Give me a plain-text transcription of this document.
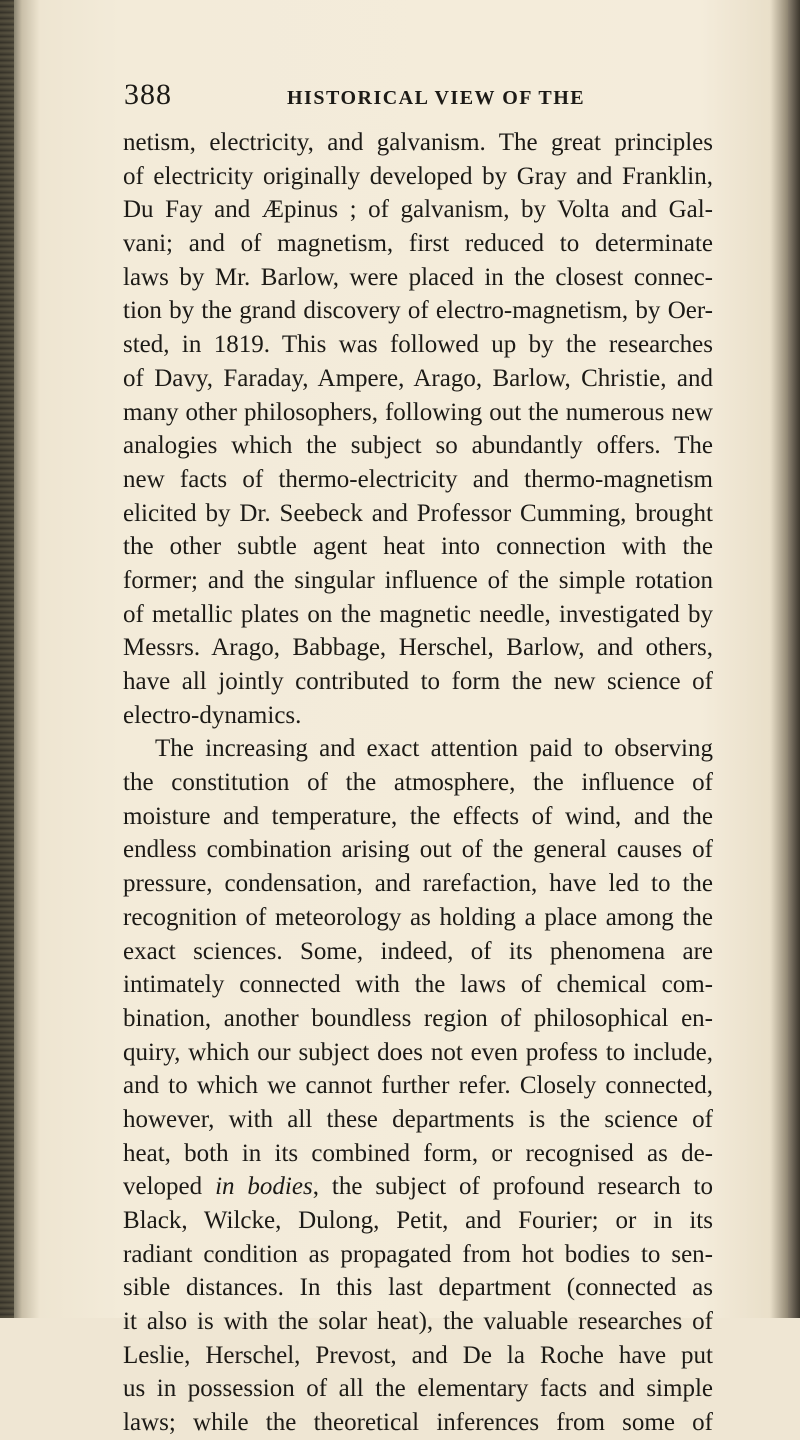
388	HISTORICAL VIEW OF THE
netism, electricity, and galvanism. The great principles
of electricity originally developed by Gray and Franklin,
Du Fay and Æpinus ; of galvanism, by Volta and Gal-
vani; and of magnetism, first reduced to determinate
laws by Mr. Barlow, were placed in the closest connec-
tion by the grand discovery of electro-magnetism, by Oer-
sted, in 1819. This was followed up by the researches
of Davy, Faraday, Ampere, Arago, Barlow, Christie, and
many other philosophers, following out the numerous new
analogies which the subject so abundantly offers. The
new facts of thermo-electricity and thermo-magnetism
elicited by Dr. Seebeck and Professor Cumming, brought
the other subtle agent heat into connection with the
former; and the singular influence of the simple rotation
of metallic plates on the magnetic needle, investigated by
Messrs. Arago, Babbage, Herschel, Barlow, and others,
have all jointly contributed to form the new science of
electro-dynamics.
The increasing and exact attention paid to observing
the constitution of the atmosphere, the influence of
moisture and temperature, the effects of wind, and the
endless combination arising out of the general causes of
pressure, condensation, and rarefaction, have led to the
recognition of meteorology as holding a place among the
exact sciences. Some, indeed, of its phenomena are
intimately connected with the laws of chemical com-
bination, another boundless region of philosophical en-
quiry, which our subject does not even profess to include,
and to which we cannot further refer. Closely connected,
however, with all these departments is the science of
heat, both in its combined form, or recognised as de-
veloped in bodies, the subject of profound research to
Black, Wilcke, Dulong, Petit, and Fourier; or in its
radiant condition as propagated from hot bodies to sen-
sible distances. In this last department (connected as
it also is with the solar heat), the valuable researches of
Leslie, Herschel, Prevost, and De la Roche have put
us in possession of all the elementary facts and simple
laws; while the theoretical inferences from some of
